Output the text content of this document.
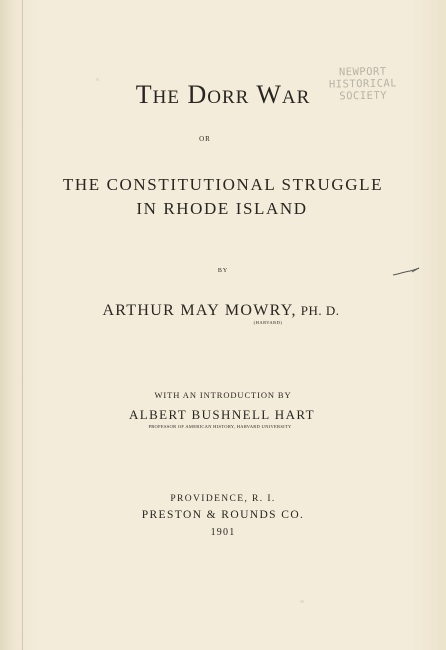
THE DORR WAR
OR
THE CONSTITUTIONAL STRUGGLE
IN RHODE ISLAND
BY
ARTHUR MAY MOWRY, PH. D.
(HARVARD)
WITH AN INTRODUCTION BY
ALBERT BUSHNELL HART
PROFESSOR OF AMERICAN HISTORY, HARVARD UNIVERSITY
PROVIDENCE, R. I.
PRESTON & ROUNDS CO.
1901
NEWPORT
HISTORICAL
SOCIETY
